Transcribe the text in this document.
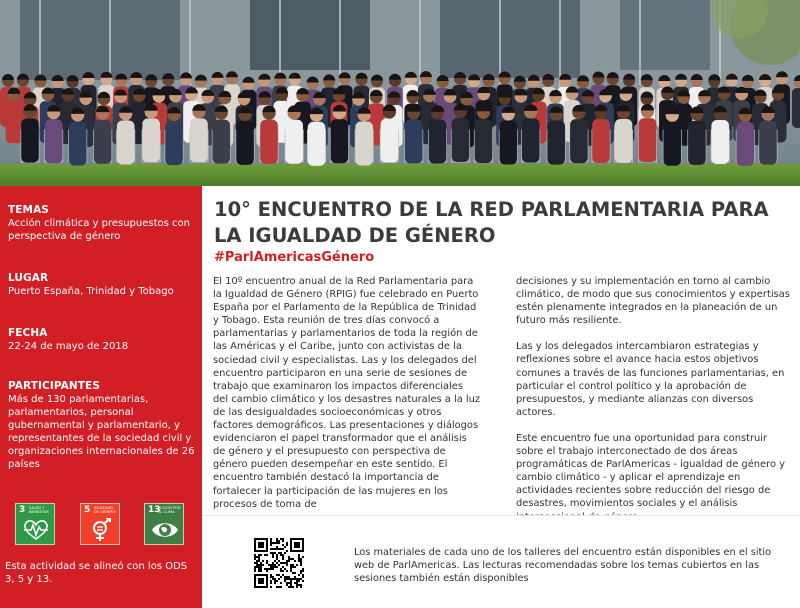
TEMAS
Acción climática y presupuestos con perspectiva de género
LUGAR
Puerto España, Trinidad y Tobago
FECHA
22-24 de mayo de 2018
PARTICIPANTES
Más de 130 parlamentarias, parlamentarios, personal gubernamental y parlamentario, y representantes de la sociedad civil y organizaciones internacionales de 26 países
3 SALUD Y BIENESTAR	5 IGUALDAD DE GÉNERO	13
ACCIÓN POR EL CLIMA
Esta actividad se alineó con los ODS 3, 5 y 13.
10° ENCUENTRO DE LA RED PARLAMENTARIA PARA LA IGUALDAD DE GÉNERO
#ParlAmericasGénero

El 10º encuentro anual de la Red Parlamentaria para la Igualdad de Género (RPIG) fue celebrado en Puerto España por el Parlamento de la República de Trinidad y Tobago. Esta reunión de tres días convocó a parlamentarias y parlamentarios de toda la región de las Américas y el Caribe, junto con activistas de la sociedad civil y especialistas. Las y los delegados del encuentro participaron en una serie de sesiones de trabajo que examinaron los impactos diferenciales del cambio climático y los desastres naturales a la luz de las desigualdades socioeconómicas y otros factores demográficos. Las presentaciones y diálogos evidenciaron el papel transformador que el análisis de género y el presupuesto con perspectiva de género pueden desempeñar en este sentido. El encuentro también destacó la importancia de fortalecer la participación de las mujeres en los procesos de toma de

decisiones y su implementación en torno al cambio climático, de modo que sus conocimientos y expertisas estén plenamente integrados en la planeación de un futuro más resiliente.

Las y los delegados intercambiaron estrategias y reflexiones sobre el avance hacia estos objetivos comunes a través de las funciones parlamentarias, en particular el control político y la aprobación de presupuestos, y mediante alianzas con diversos actores.

Este encuentro fue una oportunidad para construir sobre el trabajo interconectado de dos áreas programáticas de ParlAmericas - igualdad de género y cambio climático - y aplicar el aprendizaje en actividades recientes sobre reducción del riesgo de desastres, movimientos sociales y el análisis

Los materiales de cada uno de los talleres del encuentro están disponibles en el sitio web de ParlAmericas. Las lecturas recomendadas sobre los temas cubiertos en las sesiones también están disponibles
